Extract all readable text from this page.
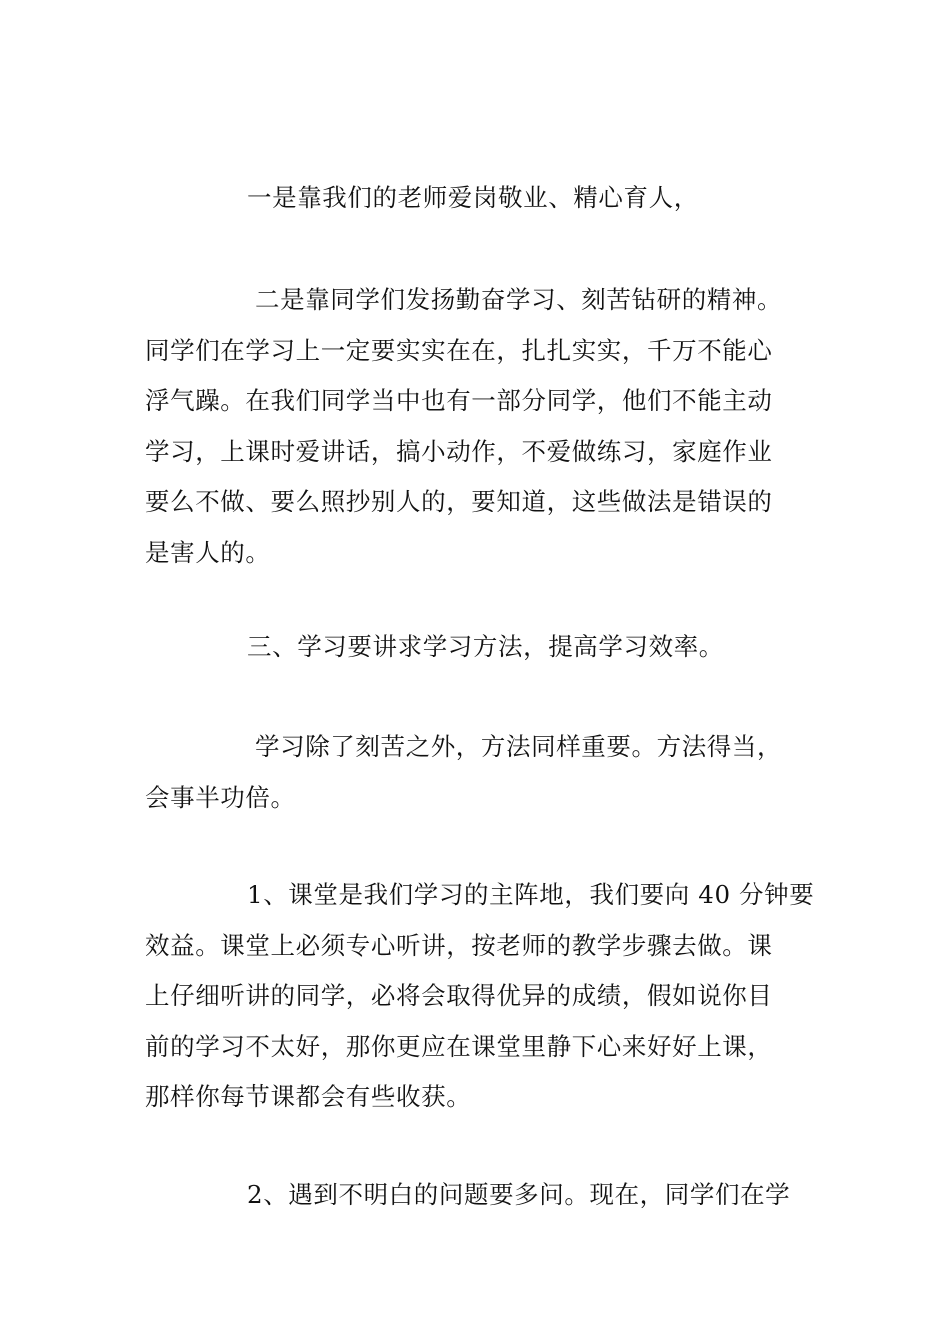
一是靠我们的老师爱岗敬业、精心育人，

二是靠同学们发扬勤奋学习、刻苦钻研的精神。
同学们在学习上一定要实实在在，扎扎实实，千万不能心
浮气躁。在我们同学当中也有一部分同学，他们不能主动
学习，上课时爱讲话，搞小动作，不爱做练习，家庭作业
要么不做、要么照抄别人的，要知道，这些做法是错误的
是害人的。

三、学习要讲求学习方法，提高学习效率。

学习除了刻苦之外，方法同样重要。方法得当，
会事半功倍。

1、课堂是我们学习的主阵地，我们要向 40 分钟要
效益。课堂上必须专心听讲，按老师的教学步骤去做。课
上仔细听讲的同学，必将会取得优异的成绩，假如说你目
前的学习不太好，那你更应在课堂里静下心来好好上课，
那样你每节课都会有些收获。

2、遇到不明白的问题要多问。现在，同学们在学
